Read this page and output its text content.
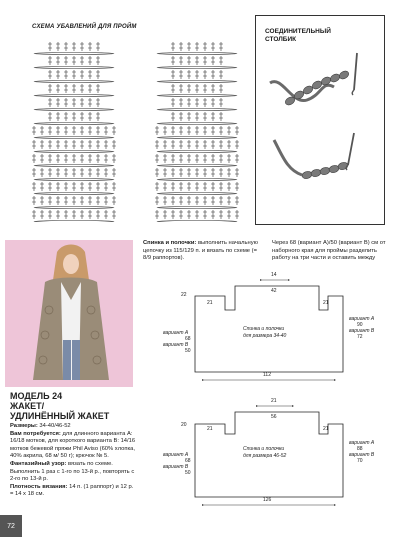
СХЕМА УБАВЛЕНИЙ ДЛЯ ПРОЙМ
СОЕДИНИТЕЛЬНЫЙ
СТОЛБИК
МОДЕЛЬ 24
ЖАКЕТ/
УДЛИНЁННЫЙ ЖАКЕТ

Размеры: 34-40/46-52

Вам потребуется: для длинного варианта А: 16/18 мотков, для короткого варианта В: 14/16 мотков бежевой пряжи Phil Aviso (60% хлопка, 40% акрила, 68 м/ 50 г); крючок № 5.

Фантазийный узор: вязать по схеме. Выполнить 1 раз с 1-го по 13-й р., повторять с 2-го по 13-й р.

Плотность вязания: 14 п. (1 раппорт) и 12 р. = 14 х 18 см.

Спинка и полочки: выполнить начальную цепочку из 115/129 п. и вязать по схеме (= 8/9 раппортов).
Через 68 (вариант А)/50 (вариант В) см от наборного края для проймы разделить работу на три части и оставить между
14
22
21	21
42
Спинка и полочки
для размера 34-40
вариант А
68
вариант В
50
вариант А
90
вариант В
72
112
21
20
21	21
56
Спинка и полочки
для размера 46-52
вариант А
68
вариант В
50
вариант А
88
вариант В
70
126
72
